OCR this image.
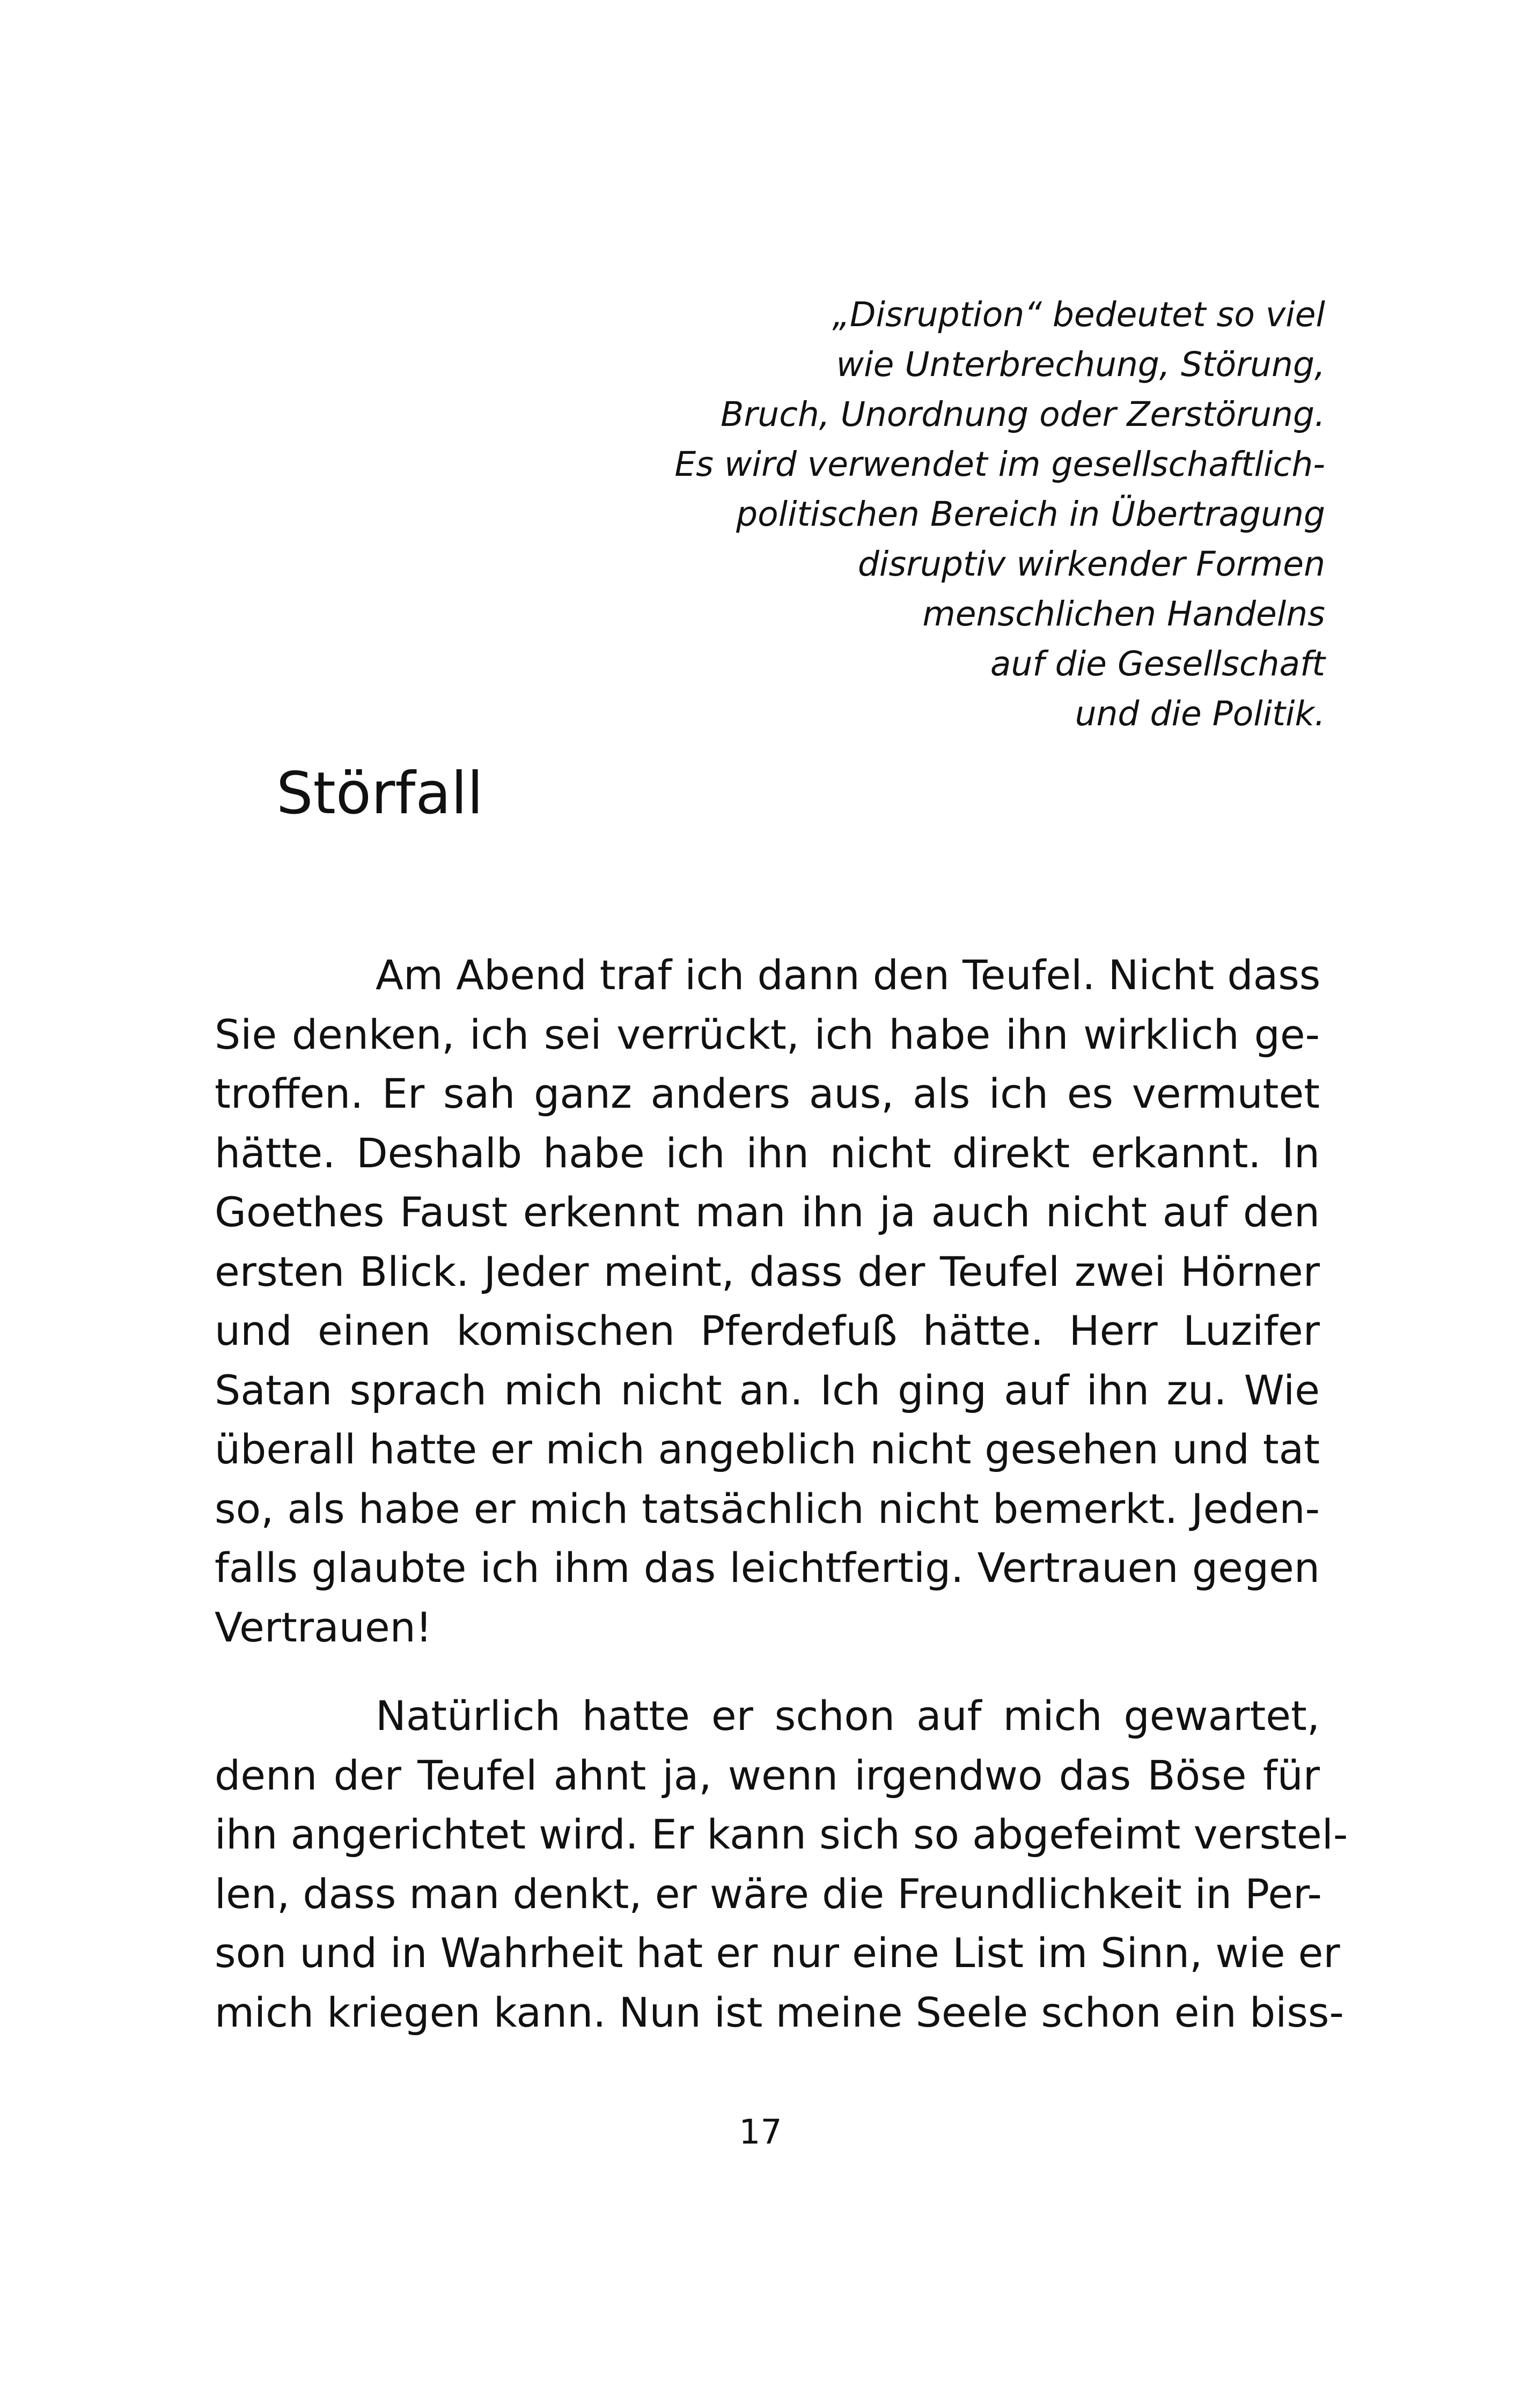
„Disruption“ bedeutet so viel
wie Unterbrechung, Störung,
Bruch, Unordnung oder Zerstörung.
Es wird verwendet im gesellschaftlich-
politischen Bereich in Übertragung
disruptiv wirkender Formen
menschlichen Handelns
auf die Gesellschaft
und die Politik.
Störfall

Am Abend traf ich dann den Teufel. Nicht dass
Sie denken, ich sei verrückt, ich habe ihn wirklich ge-
troffen. Er sah ganz anders aus, als ich es vermutet
hätte. Deshalb habe ich ihn nicht direkt erkannt. In
Goethes Faust erkennt man ihn ja auch nicht auf den
ersten Blick. Jeder meint, dass der Teufel zwei Hörner
und einen komischen Pferdefuß hätte. Herr Luzifer
Satan sprach mich nicht an. Ich ging auf ihn zu. Wie
überall hatte er mich angeblich nicht gesehen und tat
so, als habe er mich tatsächlich nicht bemerkt. Jeden-
falls glaubte ich ihm das leichtfertig. Vertrauen gegen
Vertrauen!

Natürlich hatte er schon auf mich gewartet,
denn der Teufel ahnt ja, wenn irgendwo das Böse für
ihn angerichtet wird. Er kann sich so abgefeimt verstel-
len, dass man denkt, er wäre die Freundlichkeit in Per-
son und in Wahrheit hat er nur eine List im Sinn, wie er
mich kriegen kann. Nun ist meine Seele schon ein biss-

17
